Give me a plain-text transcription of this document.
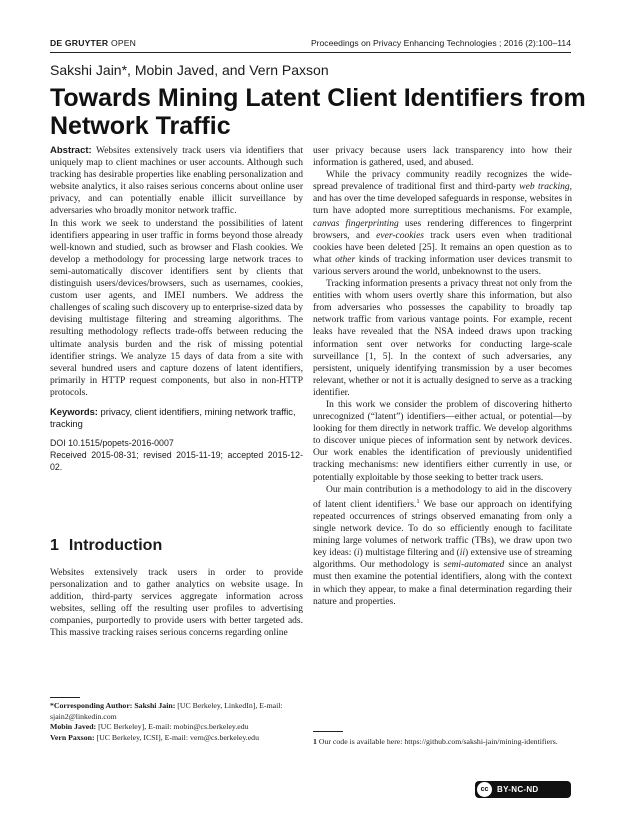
DE GRUYTER OPEN	Proceedings on Privacy Enhancing Technologies ; 2016 (2):100–114
Sakshi Jain*, Mobin Javed, and Vern Paxson
Towards Mining Latent Client Identifiers from Network Traffic

Abstract: Websites extensively track users via identifiers that uniquely map to client machines or user accounts. Although such tracking has desirable properties like enabling personalization and website analytics, it also raises serious concerns about online user privacy, and can potentially enable illicit surveillance by adversaries who broadly monitor network traffic.

In this work we seek to understand the possibilities of latent identifiers appearing in user traffic in forms beyond those already well-known and studied, such as browser and Flash cookies. We develop a methodology for processing large network traces to semi-automatically discover identifiers sent by clients that distinguish users/devices/browsers, such as usernames, cookies, custom user agents, and IMEI numbers. We address the challenges of scaling such discovery up to enterprise-sized data by devising multistage filtering and streaming algorithms. The resulting methodology reflects trade-offs between reducing the ultimate analysis burden and the risk of missing potential identifier strings. We analyze 15 days of data from a site with several hundred users and capture dozens of latent identifiers, primarily in HTTP request components, but also in non-HTTP protocols.

Keywords: privacy, client identifiers, mining network traffic, tracking

DOI 10.1515/popets-2016-0007

Received 2015-08-31; revised 2015-11-19; accepted 2015-12-02.

1 Introduction

Websites extensively track users in order to provide personalization and to gather analytics on website usage. In addition, third-party services aggregate information across websites, selling off the resulting user profiles to advertising companies, purportedly to provide users with better targeted ads. This massive tracking raises serious concerns regarding online

user privacy because users lack transparency into how their information is gathered, used, and abused.

While the privacy community readily recognizes the wide-spread prevalence of traditional first and third-party web tracking, and has over the time developed safeguards in response, websites in turn have adopted more surreptitious mechanisms. For example, canvas fingerprinting uses rendering differences to fingerprint browsers, and ever-cookies track users even when traditional cookies have been deleted [25]. It remains an open question as to what other kinds of tracking information user devices transmit to various servers around the world, unbeknownst to the users.

Tracking information presents a privacy threat not only from the entities with whom users overtly share this information, but also from adversaries who possesses the capability to broadly tap network traffic from various vantage points. For example, recent leaks have revealed that the NSA indeed draws upon tracking information sent over networks for conducting large-scale surveillance [1, 5]. In the context of such adversaries, any persistent, uniquely identifying transmission by a user becomes relevant, whether or not it is actually designed to serve as a tracking identifier.

In this work we consider the problem of discovering hitherto unrecognized (“latent”) identifiers—either actual, or potential—by looking for them directly in network traffic. We develop algorithms to discover unique pieces of information sent by network devices. Our work enables the identification of previously unidentified tracking mechanisms: new identifiers either currently in use, or potentially exploitable by those seeking to better track users.

Our main contribution is a methodology to aid in the discovery of latent client identifiers.$^1$ We base our approach on identifying repeated occurrences of strings observed emanating from only a single network device. To do so efficiently enough to facilitate mining large volumes of network traffic (TBs), we draw upon two key ideas: (i) multistage filtering and (ii) extensive use of streaming algorithms. Our methodology is semi-automated since an analyst must then examine the potential identifiers, along with the context in which they appear, to make a final determination regarding their nature and properties.

*Corresponding Author: Sakshi Jain: [UC Berkeley, LinkedIn], E-mail: sjain2@linkedin.com

Mobin Javed: [UC Berkeley], E-mail: mobin@cs.berkeley.edu

Vern Paxson: [UC Berkeley, ICSI], E-mail: vern@cs.berkeley.edu	1 Our code is available here: https://github.com/sakshi-jain/mining-identifiers.
cc	BY-NC-ND
